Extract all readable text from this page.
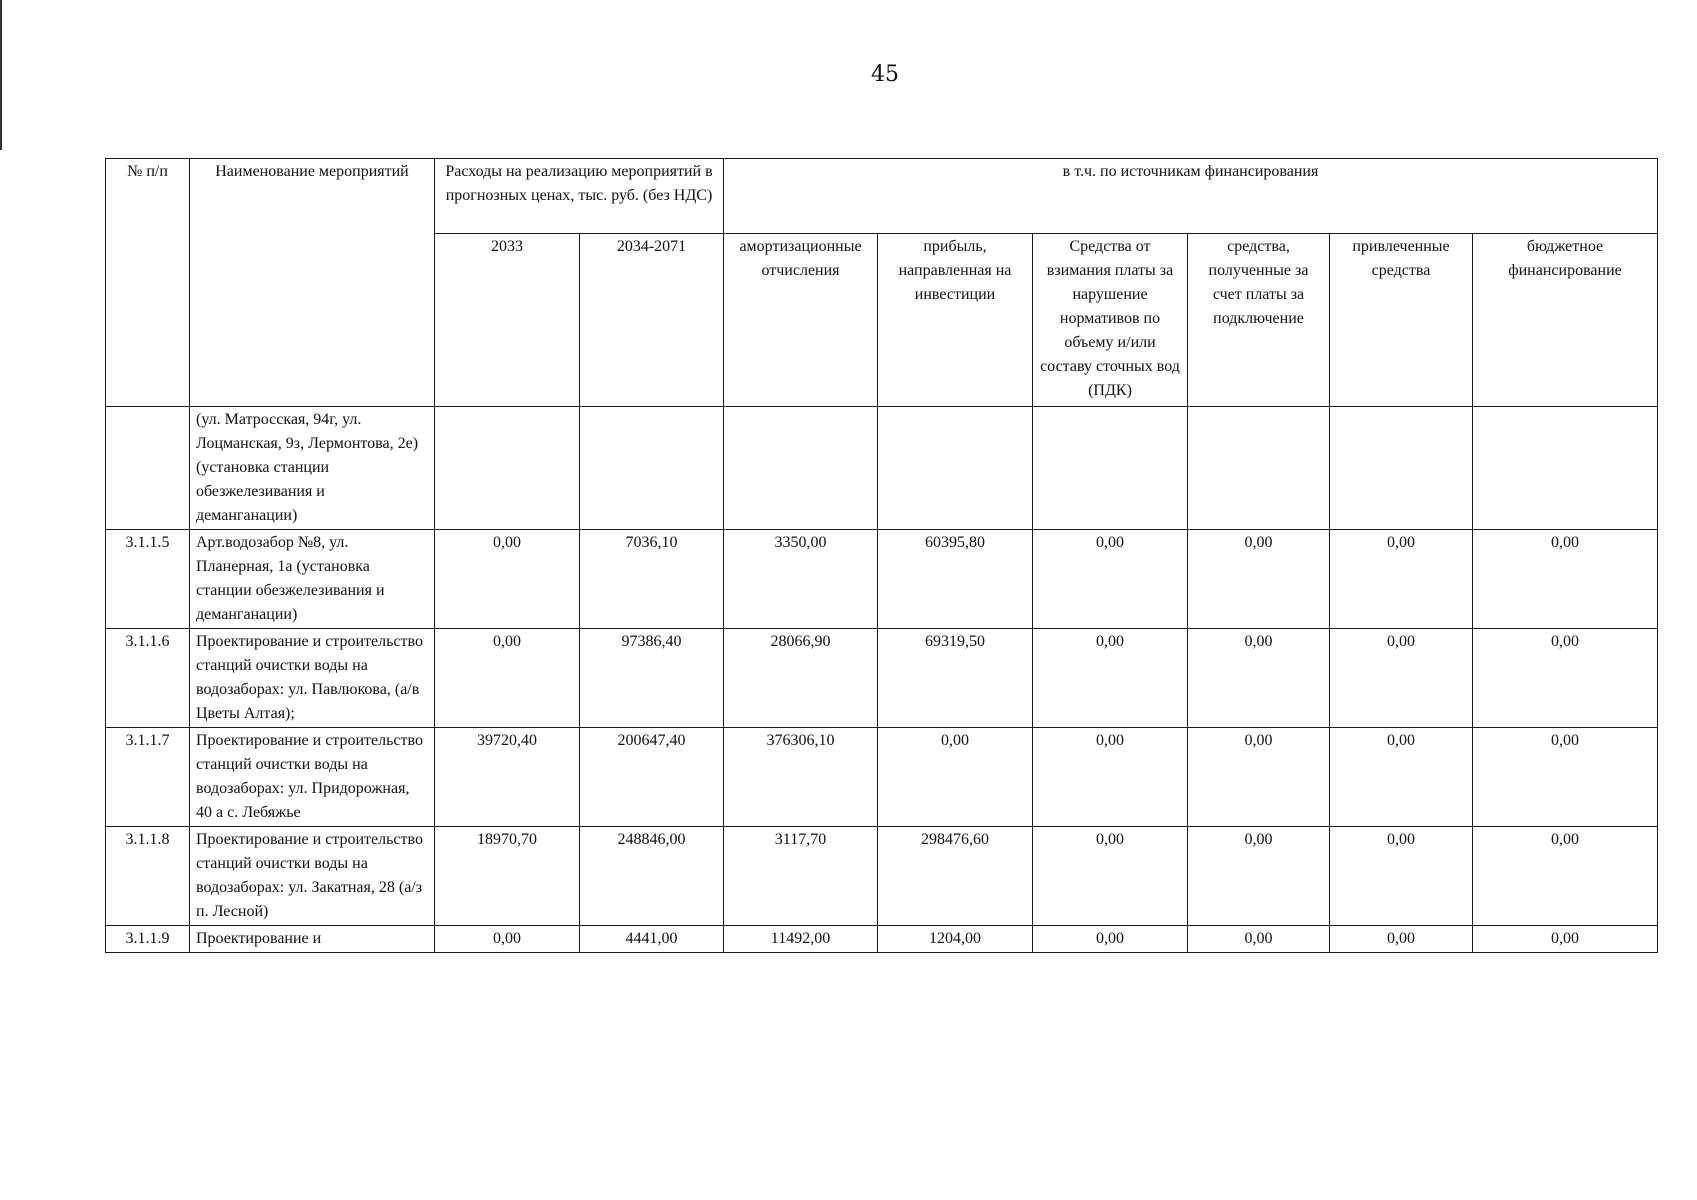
45
№ п/п	Наименование мероприятий	Расходы на реализацию мероприятий в прогнозных ценах, тыс. руб. (без НДС)		в т.ч. по источникам финансирования					
		2033	2034-2071	амортизационные отчисления	прибыль, направленная на инвестиции	Средства от взимания платы за нарушение нормативов по объему и/или составу сточных вод (ПДК)	средства, полученные за счет платы за подключение	привлеченные средства	бюджетное финансирование
	(ул. Матросская, 94г, ул. Лоцманская, 9з, Лермонтова, 2е) (установка станции обезжелезивания и деманганации)								
3.1.1.5	Арт.водозабор №8, ул. Планерная, 1а (установка станции обезжелезивания и деманганации)	0,00	7036,10	3350,00	60395,80	0,00	0,00	0,00	0,00
3.1.1.6	Проектирование и строительство станций очистки воды на водозаборах: ул. Павлюкова, (а/в Цветы Алтая);	0,00	97386,40	28066,90	69319,50	0,00	0,00	0,00	0,00
3.1.1.7	Проектирование и строительство станций очистки воды на водозаборах: ул. Придорожная, 40 а с. Лебяжье	39720,40	200647,40	376306,10	0,00	0,00	0,00	0,00	0,00
3.1.1.8	Проектирование и строительство станций очистки воды на водозаборах: ул. Закатная, 28 (а/з п. Лесной)	18970,70	248846,00	3117,70	298476,60	0,00	0,00	0,00	0,00
3.1.1.9	Проектирование и	0,00	4441,00	11492,00	1204,00	0,00	0,00	0,00	0,00
